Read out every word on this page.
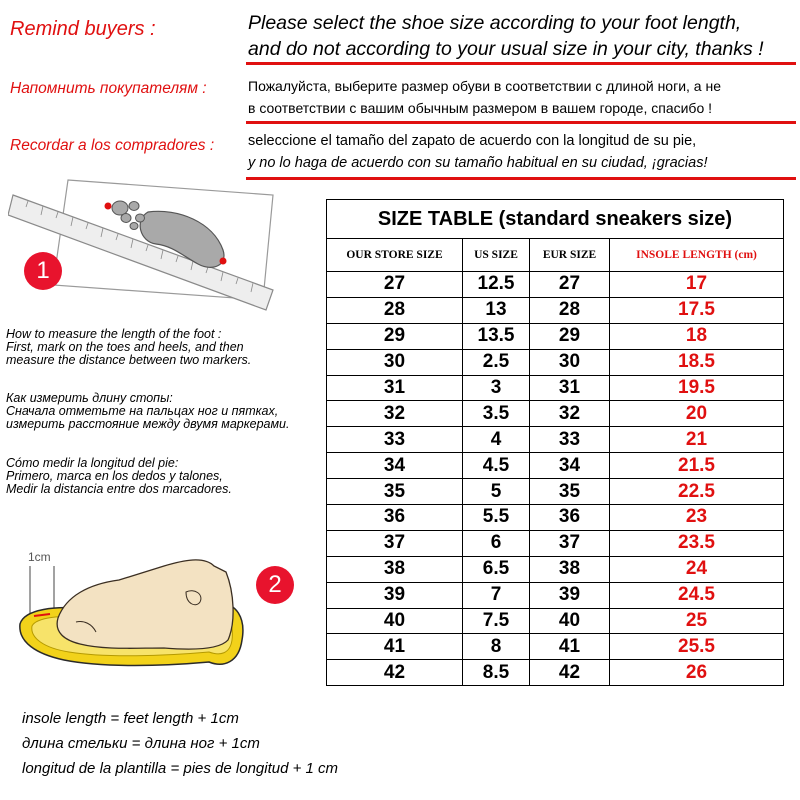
Remind buyers :	Please select the shoe size according to your foot length,
and do not according to your usual size in your city, thanks !
Напомнить покупателям :	Пожалуйста, выберите размер обуви в соответствии с длиной ноги, а не
в соответствии с вашим обычным размером в вашем городе, спасибо !
Recordar a los compradores : seleccione el tamaño del zapato de acuerdo con la longitud de su pie,
y no lo haga de acuerdo con su tamaño habitual en su ciudad, ¡gracias!
1
How to measure the length of the foot :
First, mark on the toes and heels, and then
measure the distance between two markers.
Как измерить длину стопы:
Сначала отметьте на пальцах ног и пятках,
измерить расстояние между двумя маркерами.
Cómo medir la longitud del pie:
Primero, marca en los dedos y talones,
Medir la distancia entre dos marcadores.
1cm
2
insole length = feet length + 1cm
длина стельки = длина ног + 1cm
longitud de la plantilla = pies de longitud + 1 cm
SIZE TABLE (standard sneakers size)			
OUR STORE SIZE	US SIZE	EUR SIZE	INSOLE LENGTH (cm)
27	12.5	27	17
28	13	28	17.5
29	13.5	29	18
30	2.5	30	18.5
31	3	31	19.5
32	3.5	32	20
33	4	33	21
34	4.5	34	21.5
35	5	35	22.5
36	5.5	36	23
37	6	37	23.5
38	6.5	38	24
39	7	39	24.5
40	7.5	40	25
41	8	41	25.5
42	8.5	42	26
